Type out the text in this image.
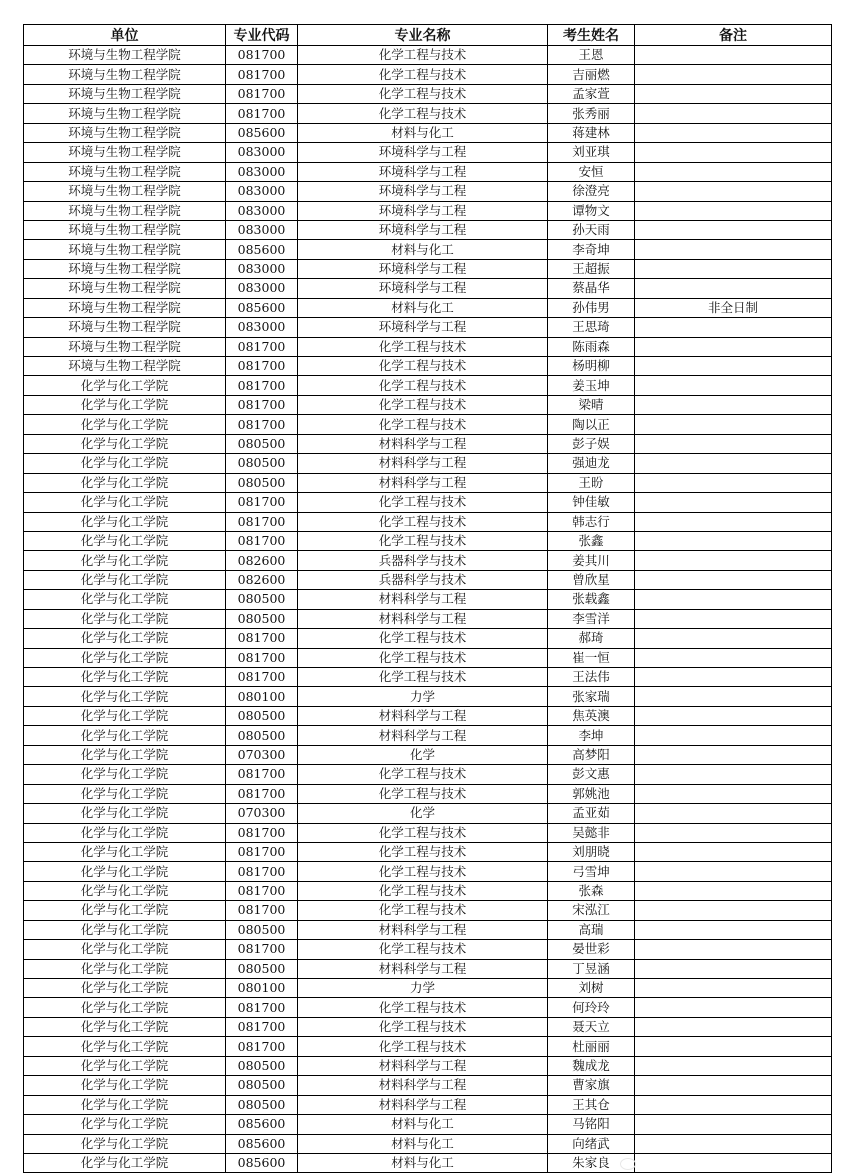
单位	专业代码	专业名称	考生姓名	备注
环境与生物工程学院	081700	化学工程与技术	王恩	
环境与生物工程学院	081700	化学工程与技术	吉丽燃	
环境与生物工程学院	081700	化学工程与技术	孟家萱	
环境与生物工程学院	081700	化学工程与技术	张秀丽	
环境与生物工程学院	085600	材料与化工	蒋建林	
环境与生物工程学院	083000	环境科学与工程	刘亚琪	
环境与生物工程学院	083000	环境科学与工程	安恒	
环境与生物工程学院	083000	环境科学与工程	徐澄亮	
环境与生物工程学院	083000	环境科学与工程	谭物文	
环境与生物工程学院	083000	环境科学与工程	孙天雨	
环境与生物工程学院	085600	材料与化工	李奇坤	
环境与生物工程学院	083000	环境科学与工程	王超振	
环境与生物工程学院	083000	环境科学与工程	蔡晶华	
环境与生物工程学院	085600	材料与化工	孙伟男	非全日制
环境与生物工程学院	083000	环境科学与工程	王思琦	
环境与生物工程学院	081700	化学工程与技术	陈雨森	
环境与生物工程学院	081700	化学工程与技术	杨明柳	
化学与化工学院	081700	化学工程与技术	姜玉坤	
化学与化工学院	081700	化学工程与技术	梁晴	
化学与化工学院	081700	化学工程与技术	陶以正	
化学与化工学院	080500	材料科学与工程	彭子娱	
化学与化工学院	080500	材料科学与工程	强迪龙	
化学与化工学院	080500	材料科学与工程	王昐	
化学与化工学院	081700	化学工程与技术	钟佳敏	
化学与化工学院	081700	化学工程与技术	韩志行	
化学与化工学院	081700	化学工程与技术	张鑫	
化学与化工学院	082600	兵器科学与技术	姜其川	
化学与化工学院	082600	兵器科学与技术	曾欣星	
化学与化工学院	080500	材料科学与工程	张载鑫	
化学与化工学院	080500	材料科学与工程	李雪洋	
化学与化工学院	081700	化学工程与技术	郝琦	
化学与化工学院	081700	化学工程与技术	崔一恒	
化学与化工学院	081700	化学工程与技术	王法伟	
化学与化工学院	080100	力学	张家瑞	
化学与化工学院	080500	材料科学与工程	焦英澳	
化学与化工学院	080500	材料科学与工程	李坤	
化学与化工学院	070300	化学	高梦阳	
化学与化工学院	081700	化学工程与技术	彭文惠	
化学与化工学院	081700	化学工程与技术	郭姚池	
化学与化工学院	070300	化学	孟亚茹	
化学与化工学院	081700	化学工程与技术	吴懿非	
化学与化工学院	081700	化学工程与技术	刘朋晓	
化学与化工学院	081700	化学工程与技术	弓雪坤	
化学与化工学院	081700	化学工程与技术	张森	
化学与化工学院	081700	化学工程与技术	宋泓江	
化学与化工学院	080500	材料科学与工程	高瑞	
化学与化工学院	081700	化学工程与技术	晏世彩	
化学与化工学院	080500	材料科学与工程	丁昱涵	
化学与化工学院	080100	力学	刘树	
化学与化工学院	081700	化学工程与技术	何玲玲	
化学与化工学院	081700	化学工程与技术	聂天立	
化学与化工学院	081700	化学工程与技术	杜丽丽	
化学与化工学院	080500	材料科学与工程	魏成龙	
化学与化工学院	080500	材料科学与工程	曹家旗	
化学与化工学院	080500	材料科学与工程	王其仓	
化学与化工学院	085600	材料与化工	马铭阳	
化学与化工学院	085600	材料与化工	向绪武	
化学与化工学院	085600	材料与化工	朱家良	
